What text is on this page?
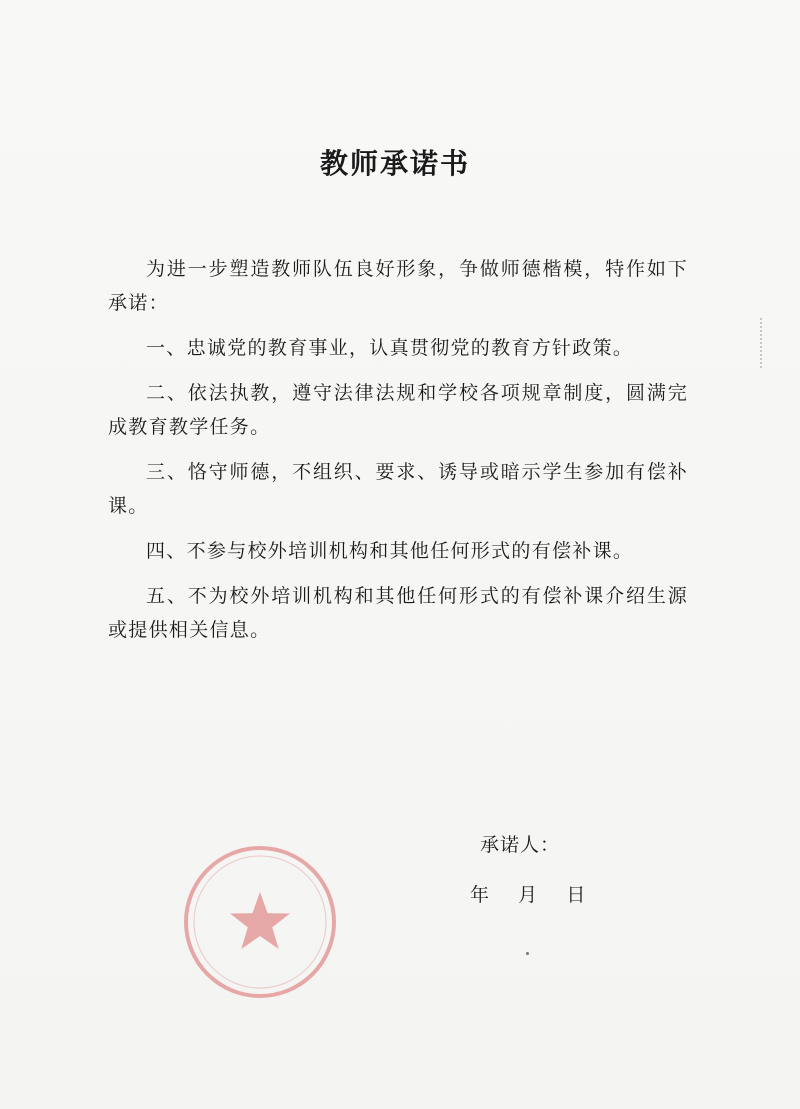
教师承诺书

为进一步塑造教师队伍良好形象，争做师德楷模，特作如下承诺：

一、忠诚党的教育事业，认真贯彻党的教育方针政策。

二、依法执教，遵守法律法规和学校各项规章制度，圆满完成教育教学任务。

三、恪守师德，不组织、要求、诱导或暗示学生参加有偿补课。

四、不参与校外培训机构和其他任何形式的有偿补课。

五、不为校外培训机构和其他任何形式的有偿补课介绍生源或提供相关信息。

承诺人：
年    月    日
